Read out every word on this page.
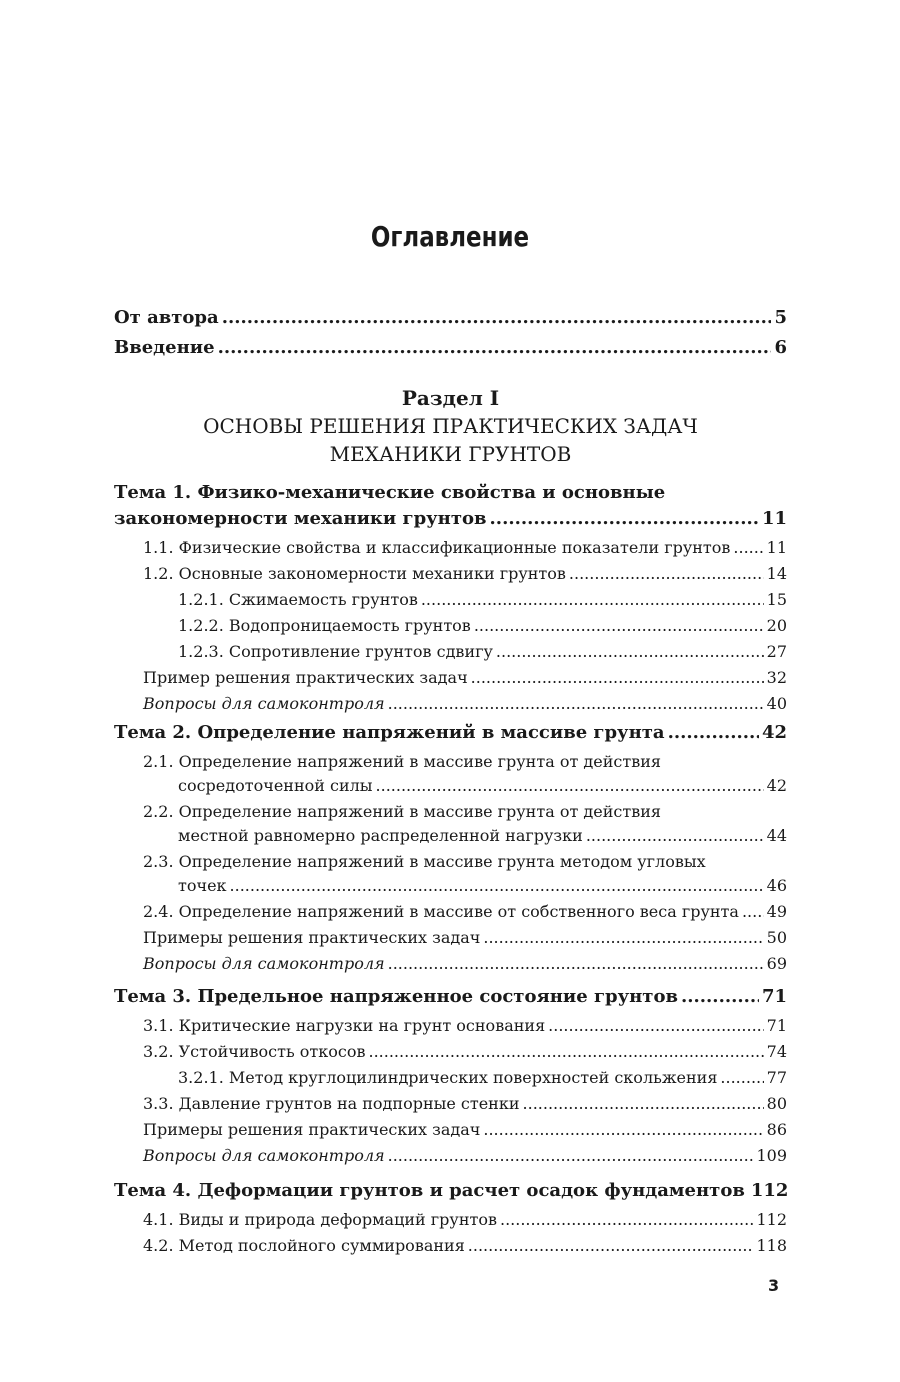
Оглавление
От автора .....	5
Введение .....	6
Раздел I
ОСНОВЫ РЕШЕНИЯ ПРАКТИЧЕСКИХ ЗАДАЧ
МЕХАНИКИ ГРУНТОВ
Тема 1. Физико-механические свойства и основные
закономерности механики грунтов .....	11
1.1. Физические свойства и классификационные показатели грунтов ..... 11
1.2. Основные закономерности механики грунтов .....	14
1.2.1. Сжимаемость грунтов .....	15
1.2.2. Водопроницаемость грунтов .....	20
1.2.3. Сопротивление грунтов сдвигу .....	27
Пример решения практических задач .....	32
Вопросы для самоконтроля .....	40
Тема 2. Определение напряжений в массиве грунта .....	42
2.1. Определение напряжений в массиве грунта от действия
сосредоточенной силы .....	42
2.2. Определение напряжений в массиве грунта от действия
местной равномерно распределенной нагрузки .....	44
2.3. Определение напряжений в массиве грунта методом угловых
точек .....	46
2.4. Определение напряжений в массиве от собственного веса грунта ..... 49
Примеры решения практических задач .....	50
Вопросы для самоконтроля .....	69
Тема 3. Предельное напряженное состояние грунтов .....	71
3.1. Критические нагрузки на грунт основания .....	71
3.2. Устойчивость откосов .....	74
3.2.1. Метод круглоцилиндрических поверхностей скольжения .....	77
3.3. Давление грунтов на подпорные стенки .....	80
Примеры решения практических задач .....	86
Вопросы для самоконтроля .....	109
Тема 4. Деформации грунтов и расчет осадок фундаментов 112
4.1. Виды и природа деформаций грунтов .....	112
4.2. Метод послойного суммирования .....	118
3
